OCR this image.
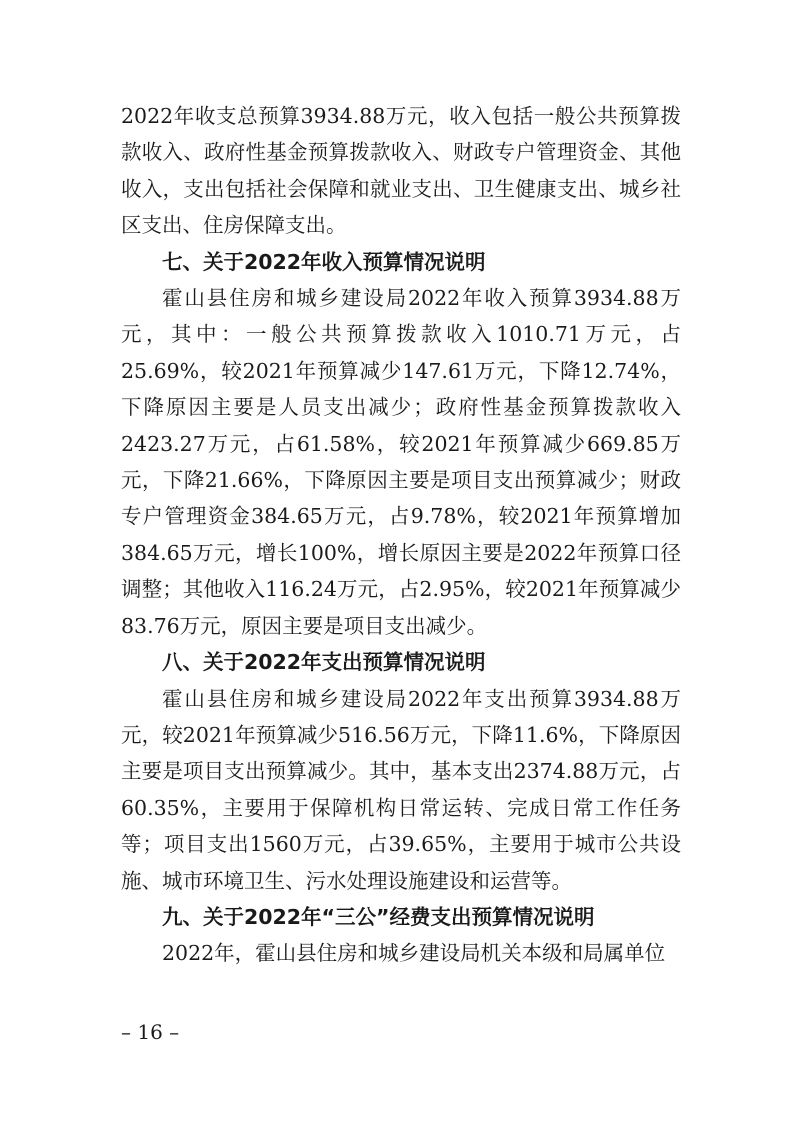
2022年收支总预算3934.88万元，收入包括一般公共预算拨款收入、政府性基金预算拨款收入、财政专户管理资金、其他收入，支出包括社会保障和就业支出、卫生健康支出、城乡社区支出、住房保障支出。

七、关于2022年收入预算情况说明

霍山县住房和城乡建设局2022年收入预算3934.88万元，其中：一般公共预算拨款收入1010.71万元，占25.69%，较2021年预算减少147.61万元，下降12.74%，下降原因主要是人员支出减少；政府性基金预算拨款收入2423.27万元，占61.58%，较2021年预算减少669.85万元，下降21.66%，下降原因主要是项目支出预算减少；财政专户管理资金384.65万元，占9.78%，较2021年预算增加384.65万元，增长100%，增长原因主要是2022年预算口径调整；其他收入116.24万元，占2.95%，较2021年预算减少83.76万元，原因主要是项目支出减少。

八、关于2022年支出预算情况说明

霍山县住房和城乡建设局2022年支出预算3934.88万元，较2021年预算减少516.56万元，下降11.6%，下降原因主要是项目支出预算减少。其中，基本支出2374.88万元，占60.35%，主要用于保障机构日常运转、完成日常工作任务等；项目支出1560万元，占39.65%，主要用于城市公共设施、城市环境卫生、污水处理设施建设和运营等。

九、关于2022年“三公”经费支出预算情况说明

2022年，霍山县住房和城乡建设局机关本级和局属单位

– 16 –
